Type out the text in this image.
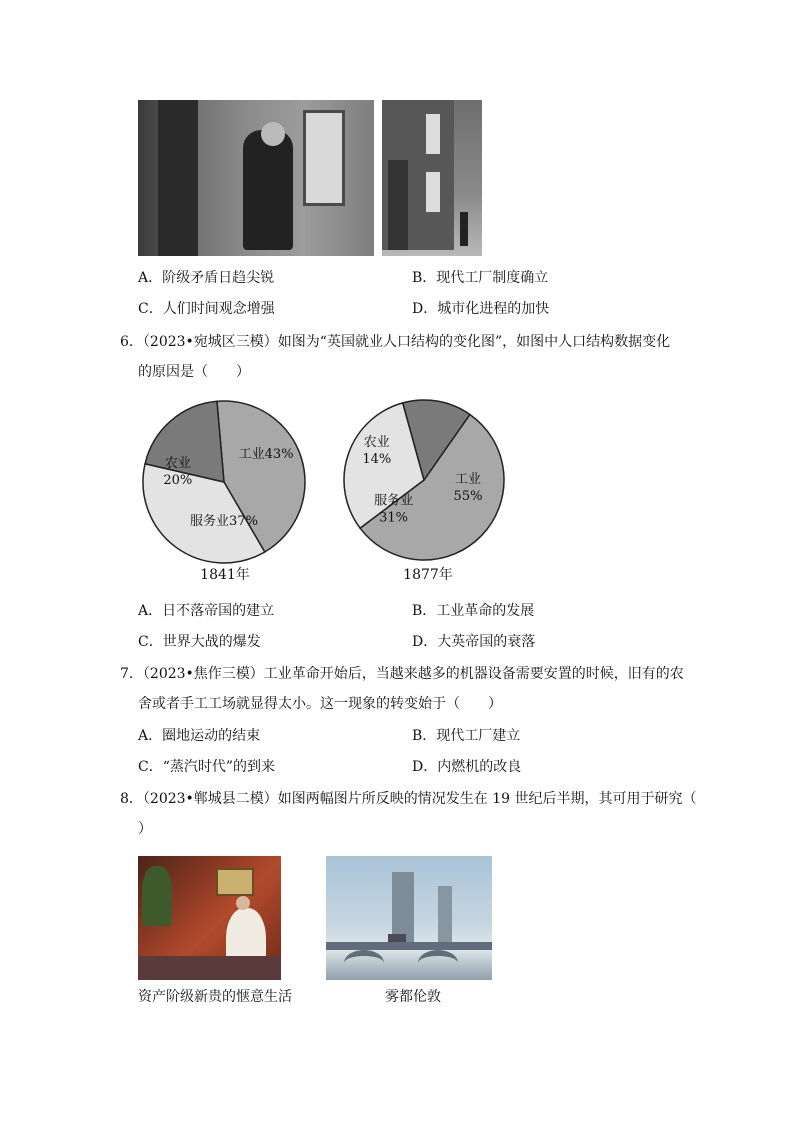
A．阶级矛盾日趋尖锐	B．现代工厂制度确立
C．人们时间观念增强	D．城市化进程的加快
6．（2023•宛城区三模）如图为“英国就业人口结构的变化图”，如图中人口结构数据变化
的原因是（　　）
工业43%
服务业37%
农业 20%
1841年
工业 55%
服务业 31%
农业 14%
1877年
A．日不落帝国的建立	B．工业革命的发展
C．世界大战的爆发	D．大英帝国的衰落
7．（2023•焦作三模）工业革命开始后，当越来越多的机器设备需要安置的时候，旧有的农
舍或者手工工场就显得太小。这一现象的转变始于（　　）
A．圈地运动的结束	B．现代工厂建立
C．“蒸汽时代”的到来	D．内燃机的改良
8．（2023•郸城县二模）如图两幅图片所反映的情况发生在 19 世纪后半期，其可用于研究（
）
资产阶级新贵的惬意生活	雾都伦敦
